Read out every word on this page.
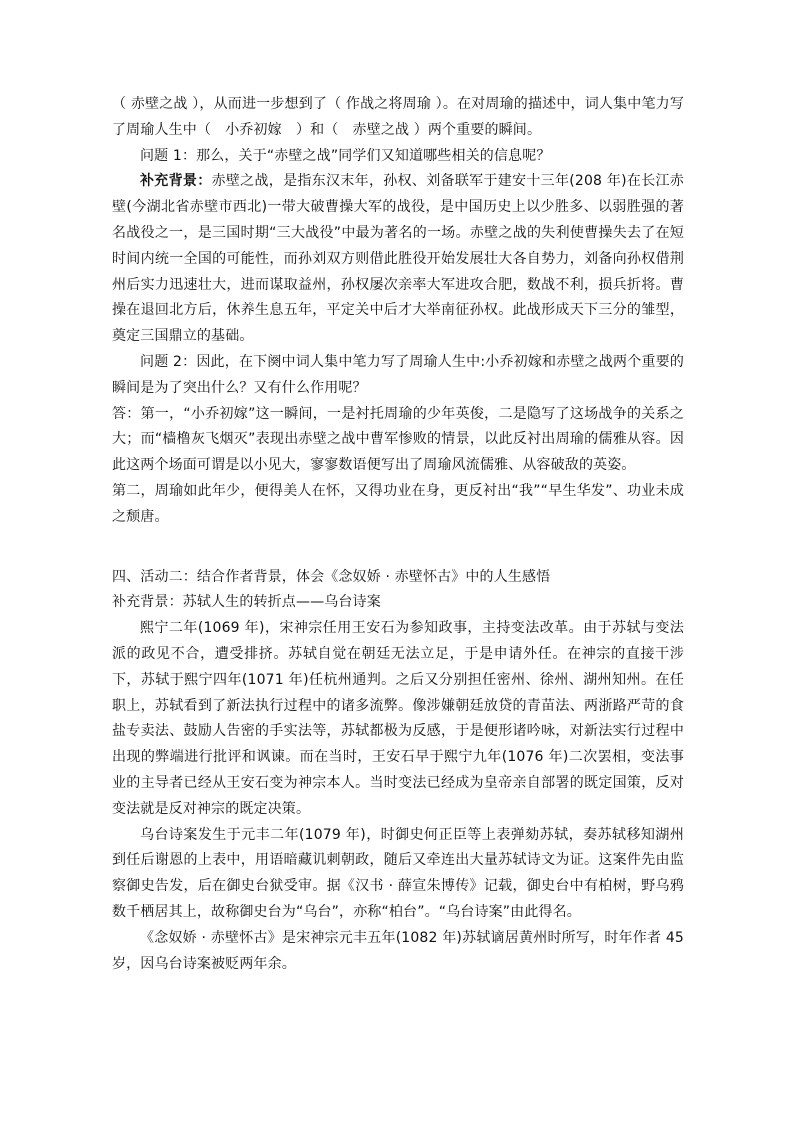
（ 赤壁之战 ），从而进一步想到了（ 作战之将周瑜 ）。在对周瑜的描述中，词人集中笔力写了周瑜人生中（　小乔初嫁　）和（　赤壁之战 ）两个重要的瞬间。

问题 1：那么，关于“赤壁之战”同学们又知道哪些相关的信息呢？

补充背景：赤壁之战，是指东汉末年，孙权、刘备联军于建安十三年(208 年)在长江赤壁(今湖北省赤壁市西北)一带大破曹操大军的战役，是中国历史上以少胜多、以弱胜强的著名战役之一，是三国时期“三大战役”中最为著名的一场。赤壁之战的失利使曹操失去了在短时间内统一全国的可能性，而孙刘双方则借此胜役开始发展壮大各自势力，刘备向孙权借荆州后实力迅速壮大，进而谋取益州，孙权屡次亲率大军进攻合肥，数战不利，损兵折将。曹操在退回北方后，休养生息五年，平定关中后才大举南征孙权。此战形成天下三分的雏型，奠定三国鼎立的基础。

问题 2：因此，在下阕中词人集中笔力写了周瑜人生中:小乔初嫁和赤壁之战两个重要的瞬间是为了突出什么？又有什么作用呢？

答：第一，“小乔初嫁”这一瞬间，一是衬托周瑜的少年英俊，二是隐写了这场战争的关系之大；而“樯橹灰飞烟灭”表现出赤壁之战中曹军惨败的情景，以此反衬出周瑜的儒雅从容。因此这两个场面可谓是以小见大，寥寥数语便写出了周瑜风流儒雅、从容破敌的英姿。

第二，周瑜如此年少，便得美人在怀，又得功业在身，更反衬出“我”“早生华发”、功业未成之颓唐。

四、活动二：结合作者背景，体会《念奴娇 · 赤壁怀古》中的人生感悟

补充背景：苏轼人生的转折点——乌台诗案

熙宁二年(1069 年)，宋神宗任用王安石为参知政事，主持变法改革。由于苏轼与变法派的政见不合，遭受排挤。苏轼自觉在朝廷无法立足，于是申请外任。在神宗的直接干涉下，苏轼于熙宁四年(1071 年)任杭州通判。之后又分别担任密州、徐州、湖州知州。在任职上，苏轼看到了新法执行过程中的诸多流弊。像涉嫌朝廷放贷的青苗法、两浙路严苛的食盐专卖法、鼓励人告密的手实法等，苏轼都极为反感，于是便形诸吟咏，对新法实行过程中出现的弊端进行批评和讽谏。而在当时，王安石早于熙宁九年(1076 年)二次罢相，变法事业的主导者已经从王安石变为神宗本人。当时变法已经成为皇帝亲自部署的既定国策，反对变法就是反对神宗的既定决策。

乌台诗案发生于元丰二年(1079 年)，时御史何正臣等上表弹劾苏轼，奏苏轼移知湖州到任后谢恩的上表中，用语暗藏讥刺朝政，随后又牵连出大量苏轼诗文为证。这案件先由监察御史告发，后在御史台狱受审。据《汉书 · 薛宣朱博传》记载，御史台中有柏树，野乌鸦数千栖居其上，故称御史台为“乌台”，亦称“柏台”。“乌台诗案”由此得名。

《念奴娇 · 赤壁怀古》是宋神宗元丰五年(1082 年)苏轼谪居黄州时所写，时年作者 45 岁，因乌台诗案被贬两年余。
